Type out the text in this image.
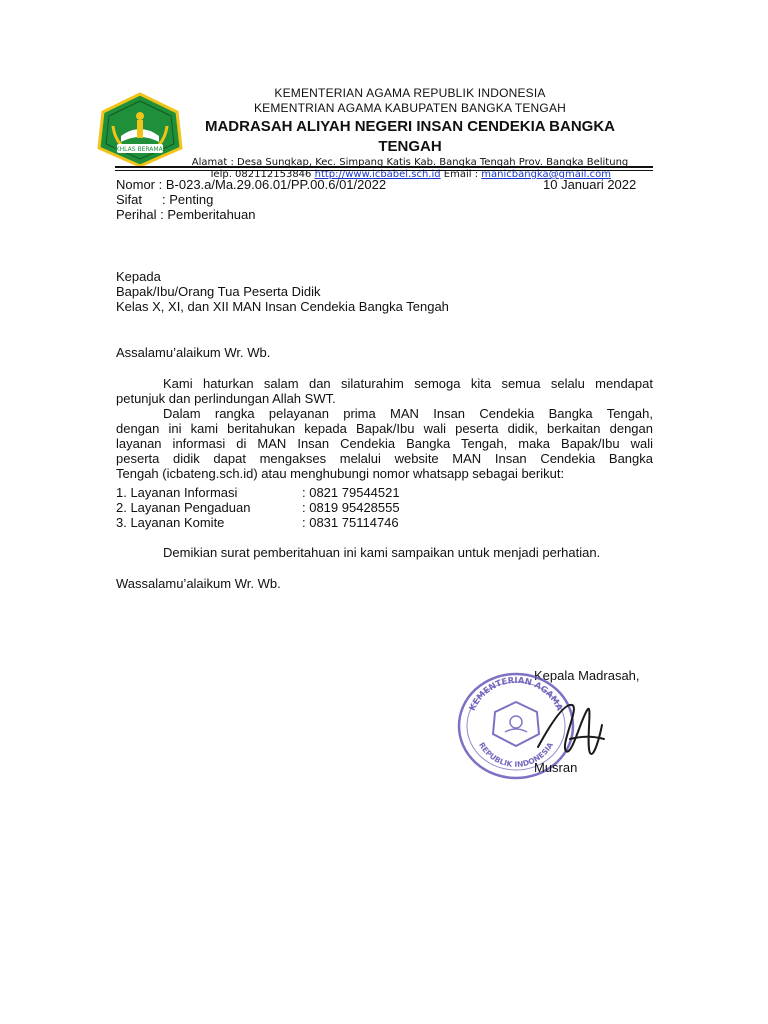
IKHLAS BERAMAL
KEMENTERIAN AGAMA REPUBLIK INDONESIA
KEMENTRIAN AGAMA KABUPATEN BANGKA TENGAH
MADRASAH ALIYAH NEGERI INSAN CENDEKIA BANGKA TENGAH
Alamat : Desa Sungkap, Kec. Simpang Katis Kab. Bangka Tengah Prov. Bangka Belitung
Telp. 082112153846 http://www.icbabel.sch.id Email : manicbangka@gmail.com
Nomor : B-023.a/Ma.29.06.01/PP.00.6/01/2022	10 Januari 2022
Sifat : Penting
Perihal : Pemberitahuan
Kepada
Bapak/Ibu/Orang Tua Peserta Didik
Kelas X, XI, dan XII MAN Insan Cendekia Bangka Tengah
Assalamu’alaikum Wr. Wb.
Kami haturkan salam dan silaturahim semoga kita semua selalu mendapat
petunjuk dan perlindungan Allah SWT.
Dalam rangka pelayanan prima MAN Insan Cendekia Bangka Tengah,
dengan ini kami beritahukan kepada Bapak/Ibu wali peserta didik, berkaitan dengan
layanan informasi di MAN Insan Cendekia Bangka Tengah, maka Bapak/Ibu wali
peserta didik dapat mengakses melalui website MAN Insan Cendekia Bangka
Tengah (icbateng.sch.id) atau menghubungi nomor whatsapp sebagai berikut:
1. Layanan Informasi	: 0821 79544521
2. Layanan Pengaduan	: 0819 95428555
3. Layanan Komite	: 0831 75114746
Demikian surat pemberitahuan ini kami sampaikan untuk menjadi perhatian.
Wassalamu’alaikum Wr. Wb.
Kepala Madrasah,
KEMENTERIAN AGAMA
REPUBLIK INDONESIA
Musran
